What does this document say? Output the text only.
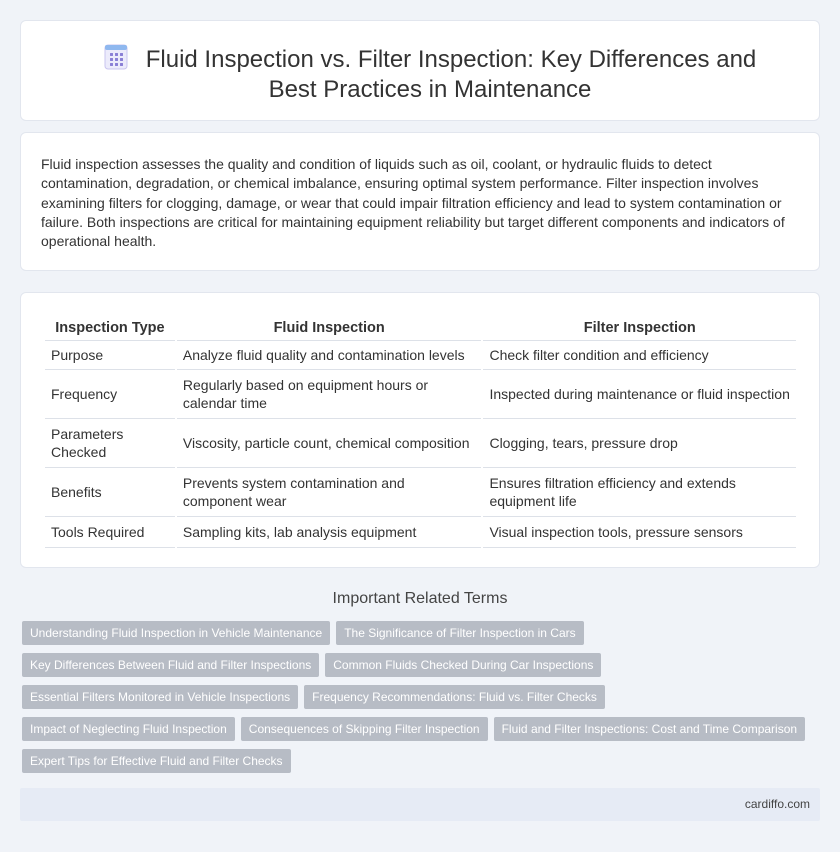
Fluid Inspection vs. Filter Inspection: Key Differences and Best Practices in Maintenance

Fluid inspection assesses the quality and condition of liquids such as oil, coolant, or hydraulic fluids to detect contamination, degradation, or chemical imbalance, ensuring optimal system performance. Filter inspection involves examining filters for clogging, damage, or wear that could impair filtration efficiency and lead to system contamination or failure. Both inspections are critical for maintaining equipment reliability but target different components and indicators of operational health.

Inspection Type	Fluid Inspection	Filter Inspection
Purpose	Analyze fluid quality and contamination levels	Check filter condition and efficiency
Frequency	Regularly based on equipment hours or calendar time	Inspected during maintenance or fluid inspection
Parameters Checked	Viscosity, particle count, chemical composition	Clogging, tears, pressure drop
Benefits	Prevents system contamination and component wear	Ensures filtration efficiency and extends equipment life
Tools Required	Sampling kits, lab analysis equipment	Visual inspection tools, pressure sensors
Important Related Terms
Understanding Fluid Inspection in Vehicle Maintenance The Significance of Filter Inspection in Cars
Key Differences Between Fluid and Filter Inspections Common Fluids Checked During Car Inspections
Essential Filters Monitored in Vehicle Inspections Frequency Recommendations: Fluid vs. Filter Checks
Impact of Neglecting Fluid Inspection Consequences of Skipping Filter Inspection Fluid and Filter Inspections: Cost and Time Comparison
Expert Tips for Effective Fluid and Filter Checks
cardiffo.com
